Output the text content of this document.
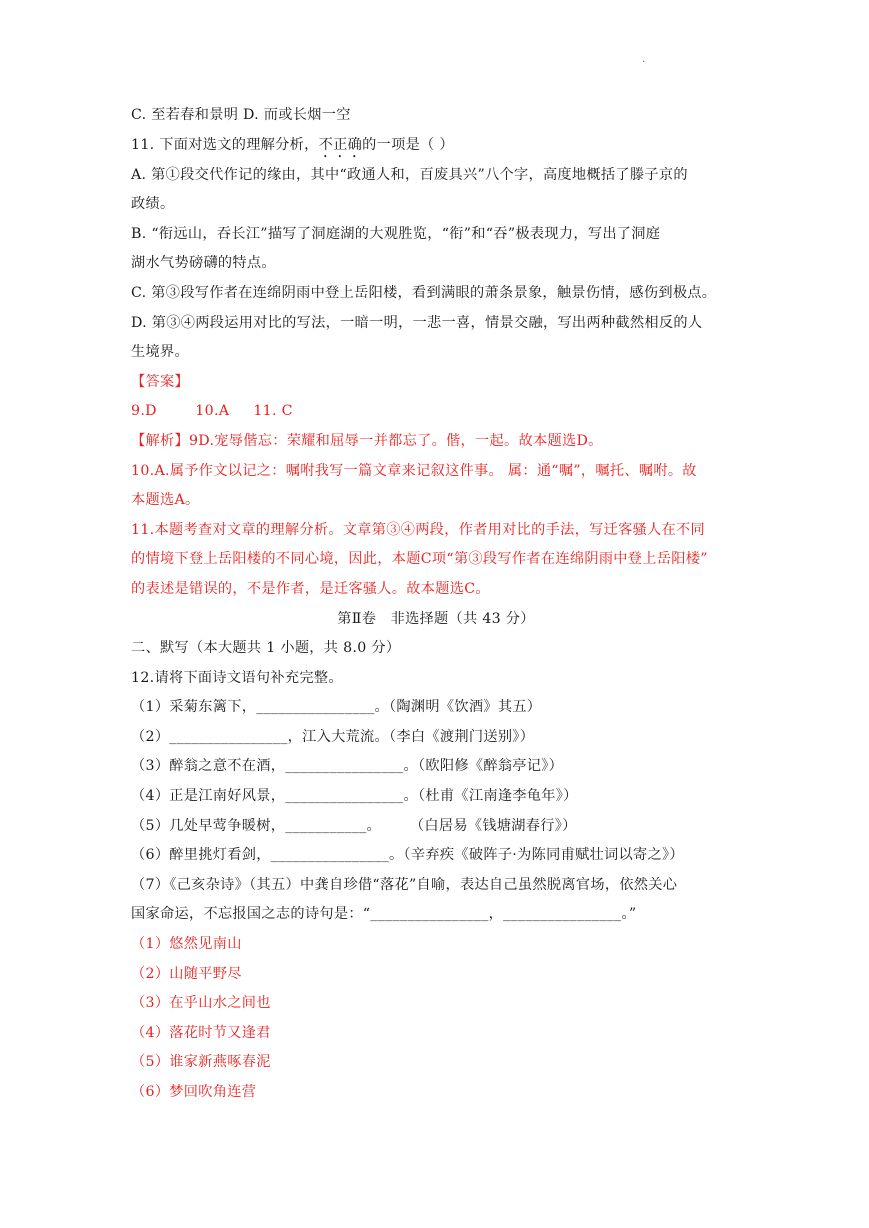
.
C. 至若春和景明 D. 而或长烟一空
11. 下面对选文的理解分析，不正确的一项是（ ）
A. 第①段交代作记的缘由，其中“政通人和，百废具兴”八个字，高度地概括了滕子京的
政绩。
B. “衔远山，吞长江”描写了洞庭湖的大观胜览，“衔”和“吞”极表现力，写出了洞庭
湖水气势磅礴的特点。
C. 第③段写作者在连绵阴雨中登上岳阳楼，看到满眼的萧条景象，触景伤情，感伤到极点。
D. 第③④两段运用对比的写法，一暗一明，一悲一喜，情景交融，写出两种截然相反的人
生境界。
【答案】
9.D        10.A     11. C
【解析】9D.宠辱偕忘：荣耀和屈辱一并都忘了。偕，一起。故本题选D。
10.A.属予作文以记之：嘱咐我写一篇文章来记叙这件事。 属：通“嘱”，嘱托、嘱咐。故
本题选A。
11.本题考查对文章的理解分析。文章第③④两段，作者用对比的手法，写迁客骚人在不同
的情境下登上岳阳楼的不同心境，因此，本题C项“第③段写作者在连绵阴雨中登上岳阳楼”
的表述是错误的，不是作者，是迁客骚人。故本题选C。
第Ⅱ卷   非选择题（共 43 分）
二、默写（本大题共 1 小题，共 8.0 分）
12.请将下面诗文语句补充完整。
（1）采菊东篱下，________________。（陶渊明《饮酒》其五）
（2）________________，江入大荒流。（李白《渡荆门送别》）
（3）醉翁之意不在酒，________________。（欧阳修《醉翁亭记》）
（4）正是江南好风景，________________。（杜甫《江南逢李龟年》）
（5）几处早莺争暖树，___________。      （白居易《钱塘湖春行》）
（6）醉里挑灯看剑，________________。（辛弃疾《破阵子·为陈同甫赋壮词以寄之》）
（7）《己亥杂诗》（其五）中龚自珍借“落花”自喻，表达自己虽然脱离官场，依然关心
国家命运，不忘报国之志的诗句是：“________________，________________。”
（1）悠然见南山
（2）山随平野尽
（3）在乎山水之间也
（4）落花时节又逢君
（5）谁家新燕啄春泥
（6）梦回吹角连营
